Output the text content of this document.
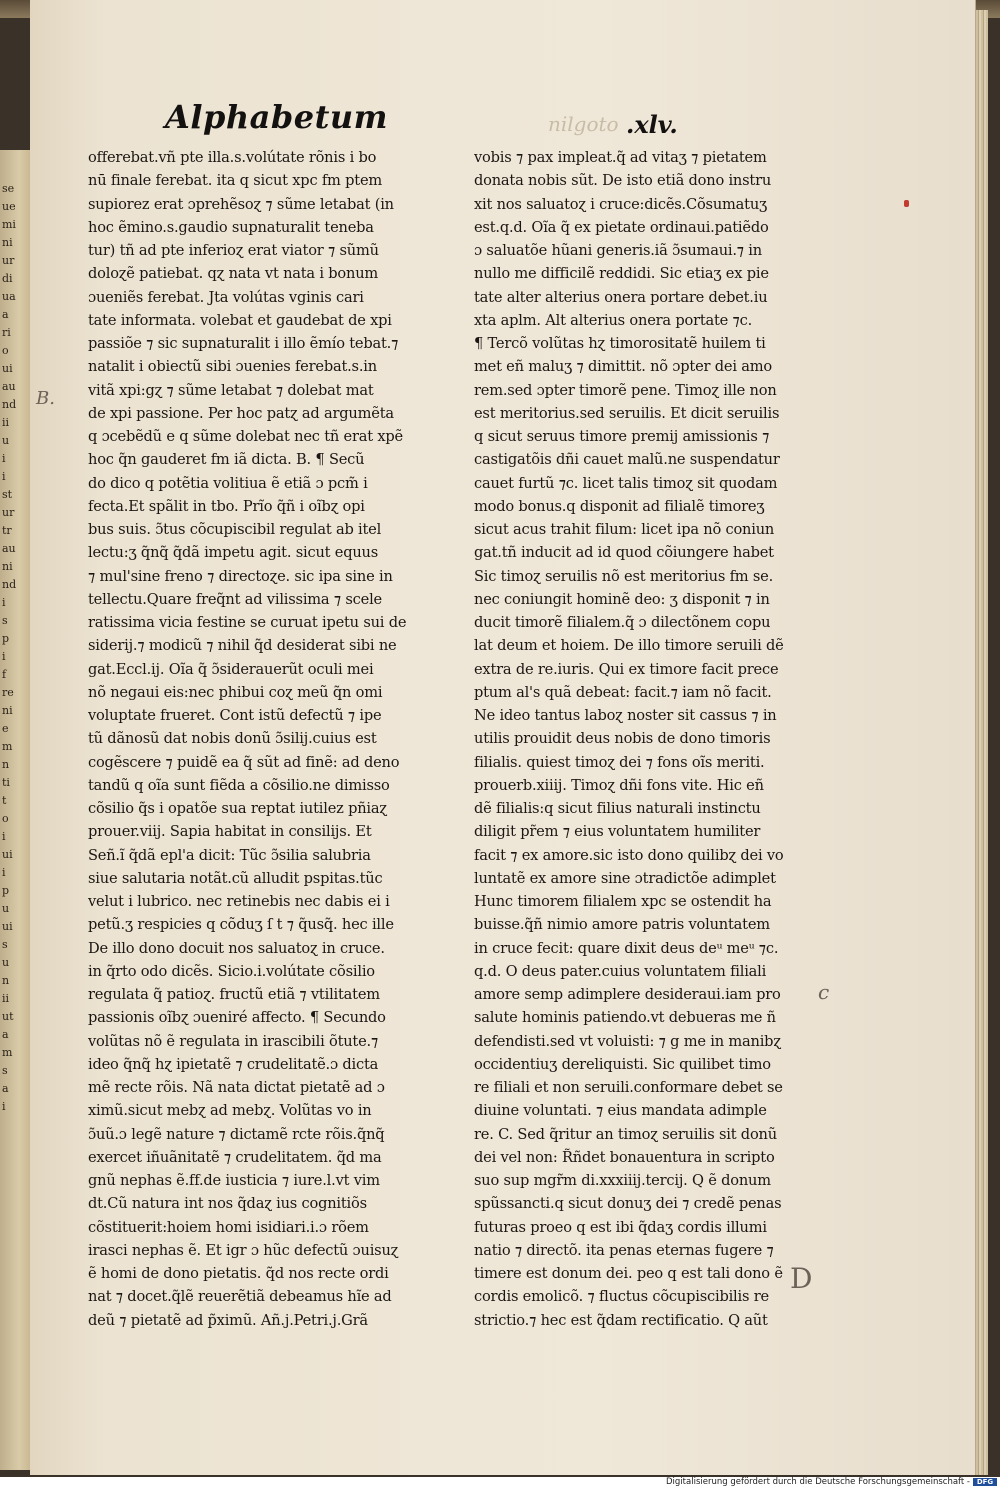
se
ue
mi
ni
ur
di
ua
a
ri
o
ui
au
nd
ii
u
i
i
st
ur
tr
au
ni
nd
i
s
p
i
f
re
ni
e
m
n
ti
t
o
i
ui
i
p
u
ui
s
u
n
ii
ut
a
m
s
a
i
Alphabetum	nilgoto .xlv.
offerebat.vñ pte illa.s.volútate rõnis i bo
nū finale ferebat. ita q sicut xpc fm ptem
supiorez erat ɔprehẽsoɀ ⁊ sũme letabat (in
hoc ẽmino.s.gaudio supnaturalit teneba
tur) tñ ad pte inferioɀ erat viator ⁊ sũmũ
doloɀẽ patiebat. qɀ nata vt nata i bonum
ɔueniẽs ferebat. Jta volútas vginis cari
tate informata. volebat et gaudebat de xpi
passiõe ⁊ sic supnaturalit i illo ẽmío tebat.⁊
natalit i obiectũ sibi ɔuenies ferebat.s.in
vitã xpi:gɀ ⁊ sũme letabat ⁊ dolebat mat
de xpi passione. Per hoc patɀ ad argumẽta
q ɔcebẽdũ e q sũme dolebat nec tñ erat xpẽ
hoc q̃n gauderet fm iã dicta. B. ¶ Secũ
do dico q potẽtia volitiua ẽ etiã ɔ pcm̃ i
fecta.Et spãlit in tbo. Prĩo q̃ñ i oĩbɀ opi
bus suis. ɔ̃tus cõcupiscibil regulat ab itel
lectu:ʒ q̃nq̃ q̃dã impetu agit. sicut equus
⁊ mul'sine freno ⁊ directoɀe. sic ipa sine in
tellectu.Quare freq̃nt ad vilissima ⁊ scele
ratissima vicia festine se curuat ipetu sui de
siderij.⁊ modicũ ⁊ nihil q̃d desiderat sibi ne
gat.Eccl.ij. Oĩa q̃ ɔ̃siderauerũt oculi mei
nõ negaui eis:nec phibui coɀ meũ q̃n omi
voluptate frueret. Cont istũ defectũ ⁊ ipe
tũ dãnosũ dat nobis donũ ɔ̃silij.cuius est
cogẽscere ⁊ puidẽ ea q̃ sũt ad finẽ: ad deno
tandũ q oĩa sunt fiẽda a cõsilio.ne dimisso
cõsilio q̃s i opatõe sua reptat iutilez pñiaɀ
prouer.viij. Sapia habitat in consilijs. Et
Señ.ĩ q̃dã epl'a dicit: Tũc ɔ̃silia salubria
siue salutaria notãt.cũ alludit pspitas.tũc
velut i lubrico. nec retinebis nec dabis ei i
petũ.ʒ respicies q cõduʒ ſ t ⁊ q̃usq̃. hec ille
De illo dono docuit nos saluatoɀ in cruce.
in q̃rto odo dicẽs. Sicio.i.volútate cõsilio
regulata q̃ patioɀ. fructũ etiã ⁊ vtilitatem
passionis oĩbɀ ɔueniré affecto. ¶ Secundo
volũtas nõ ẽ regulata in irascibili õtute.⁊
ideo q̃nq̃ hɀ ipietatẽ ⁊ crudelitatẽ.ɔ dicta
mẽ recte rõis. Nã nata dictat pietatẽ ad ɔ
ximũ.sicut mebɀ ad mebɀ. Volũtas vo in
ɔ̃uũ.ɔ legẽ nature ⁊ dictamẽ rcte rõis.q̃nq̃
exercet iñuãnitatẽ ⁊ crudelitatem. q̃d ma
gnũ nephas ẽ.ff.de iusticia ⁊ iure.l.vt vim
dt.Cũ natura int nos q̃daɀ ius cognitiõs
cõstituerit:hoiem homi isidiari.i.ɔ rõem
irasci nephas ẽ. Et igr ɔ hũc defectũ ɔuisuɀ
ẽ homi de dono pietatis. q̃d nos recte ordi
nat ⁊ docet.q̃lẽ reuerẽtiã debeamus hĩe ad
deũ ⁊ pietatẽ ad p̃ximũ. Añ.j.Petri.j.Grã
vobis ⁊ pax impleat.q̃ ad vitaʒ ⁊ pietatem
donata nobis sũt. De isto etiã dono instru
xit nos saluatoɀ i cruce:dicẽs.Cõsumatuʒ
est.q.d. Oĩa q̃ ex pietate ordinaui.patiẽdo
ɔ saluatõe hũani generis.iã ɔ̃sumaui.⁊ in
nullo me difficilẽ reddidi. Sic etiaʒ ex pie
tate alter alterius onera portare debet.iu
xta aplm. Alt alterius onera portate ⁊c.
¶ Tercõ volũtas hɀ timorositatẽ huilem ti
met eñ maluʒ ⁊ dimittit. nõ ɔpter dei amo
rem.sed ɔpter timorẽ pene. Timoɀ ille non
est meritorius.sed seruilis. Et dicit seruilis
q sicut seruus timore premij amissionis ⁊
castigatõis dñi cauet malũ.ne suspendatur
cauet furtũ ⁊c. licet talis timoɀ sit quodam
modo bonus.q disponit ad filialẽ timoreʒ
sicut acus trahit filum: licet ipa nõ coniun
gat.tñ inducit ad id quod cõiungere habet
Sic timoɀ seruilis nõ est meritorius fm se.
nec coniungit hominẽ deo: ʒ disponit ⁊ in
ducit timorẽ filialem.q̃ ɔ dilectõnem copu
lat deum et hoiem. De illo timore seruili dẽ
extra de re.iuris. Qui ex timore facit prece
ptum al's quã debeat: facit.⁊ iam nõ facit.
Ne ideo tantus laboɀ noster sit cassus ⁊ in
utilis prouidit deus nobis de dono timoris
filialis. quiest timoɀ dei ⁊ fons oĩs meriti.
prouerb.xiiij. Timoɀ dñi fons vite. Hic eñ
dẽ filialis:q sicut filius naturali instinctu
diligit pr̃em ⁊ eius voluntatem humiliter
facit ⁊ ex amore.sic isto dono quilibɀ dei vo
luntatẽ ex amore sine ɔtradictõe adimplet
Hunc timorem filialem xpc se ostendit ha
buisse.q̃ñ nimio amore patris voluntatem
in cruce fecit: quare dixit deus deᵘ meᵘ ⁊c.
q.d. O deus pater.cuius voluntatem filiali
amore semp adimplere desideraui.iam pro
salute hominis patiendo.vt debueras me ñ
defendisti.sed vt voluisti: ⁊ g me in manibɀ
occidentiuʒ dereliquisti. Sic quilibet timo
re filiali et non seruili.conformare debet se
diuine voluntati. ⁊ eius mandata adimple
re. C. Sed q̃ritur an timoɀ seruilis sit donũ
dei vel non: R̃ñdet bonauentura in scripto
suo sup mgr̃m di.xxxiiij.tercij. Q ẽ donum
spũssancti.q sicut donuʒ dei ⁊ credẽ penas
futuras proeo q est ibi q̃daʒ cordis illumi
natio ⁊ directõ. ita penas eternas fugere ⁊
timere est donum dei. peo q est tali dono ẽ
cordis emolicõ. ⁊ fluctus cõcupiscibilis re
strictio.⁊ hec est q̃dam rectificatio. Q aũt
B.
c
D
Digitalisierung gefördert durch die Deutsche Forschungsgemeinschaft - DFG
